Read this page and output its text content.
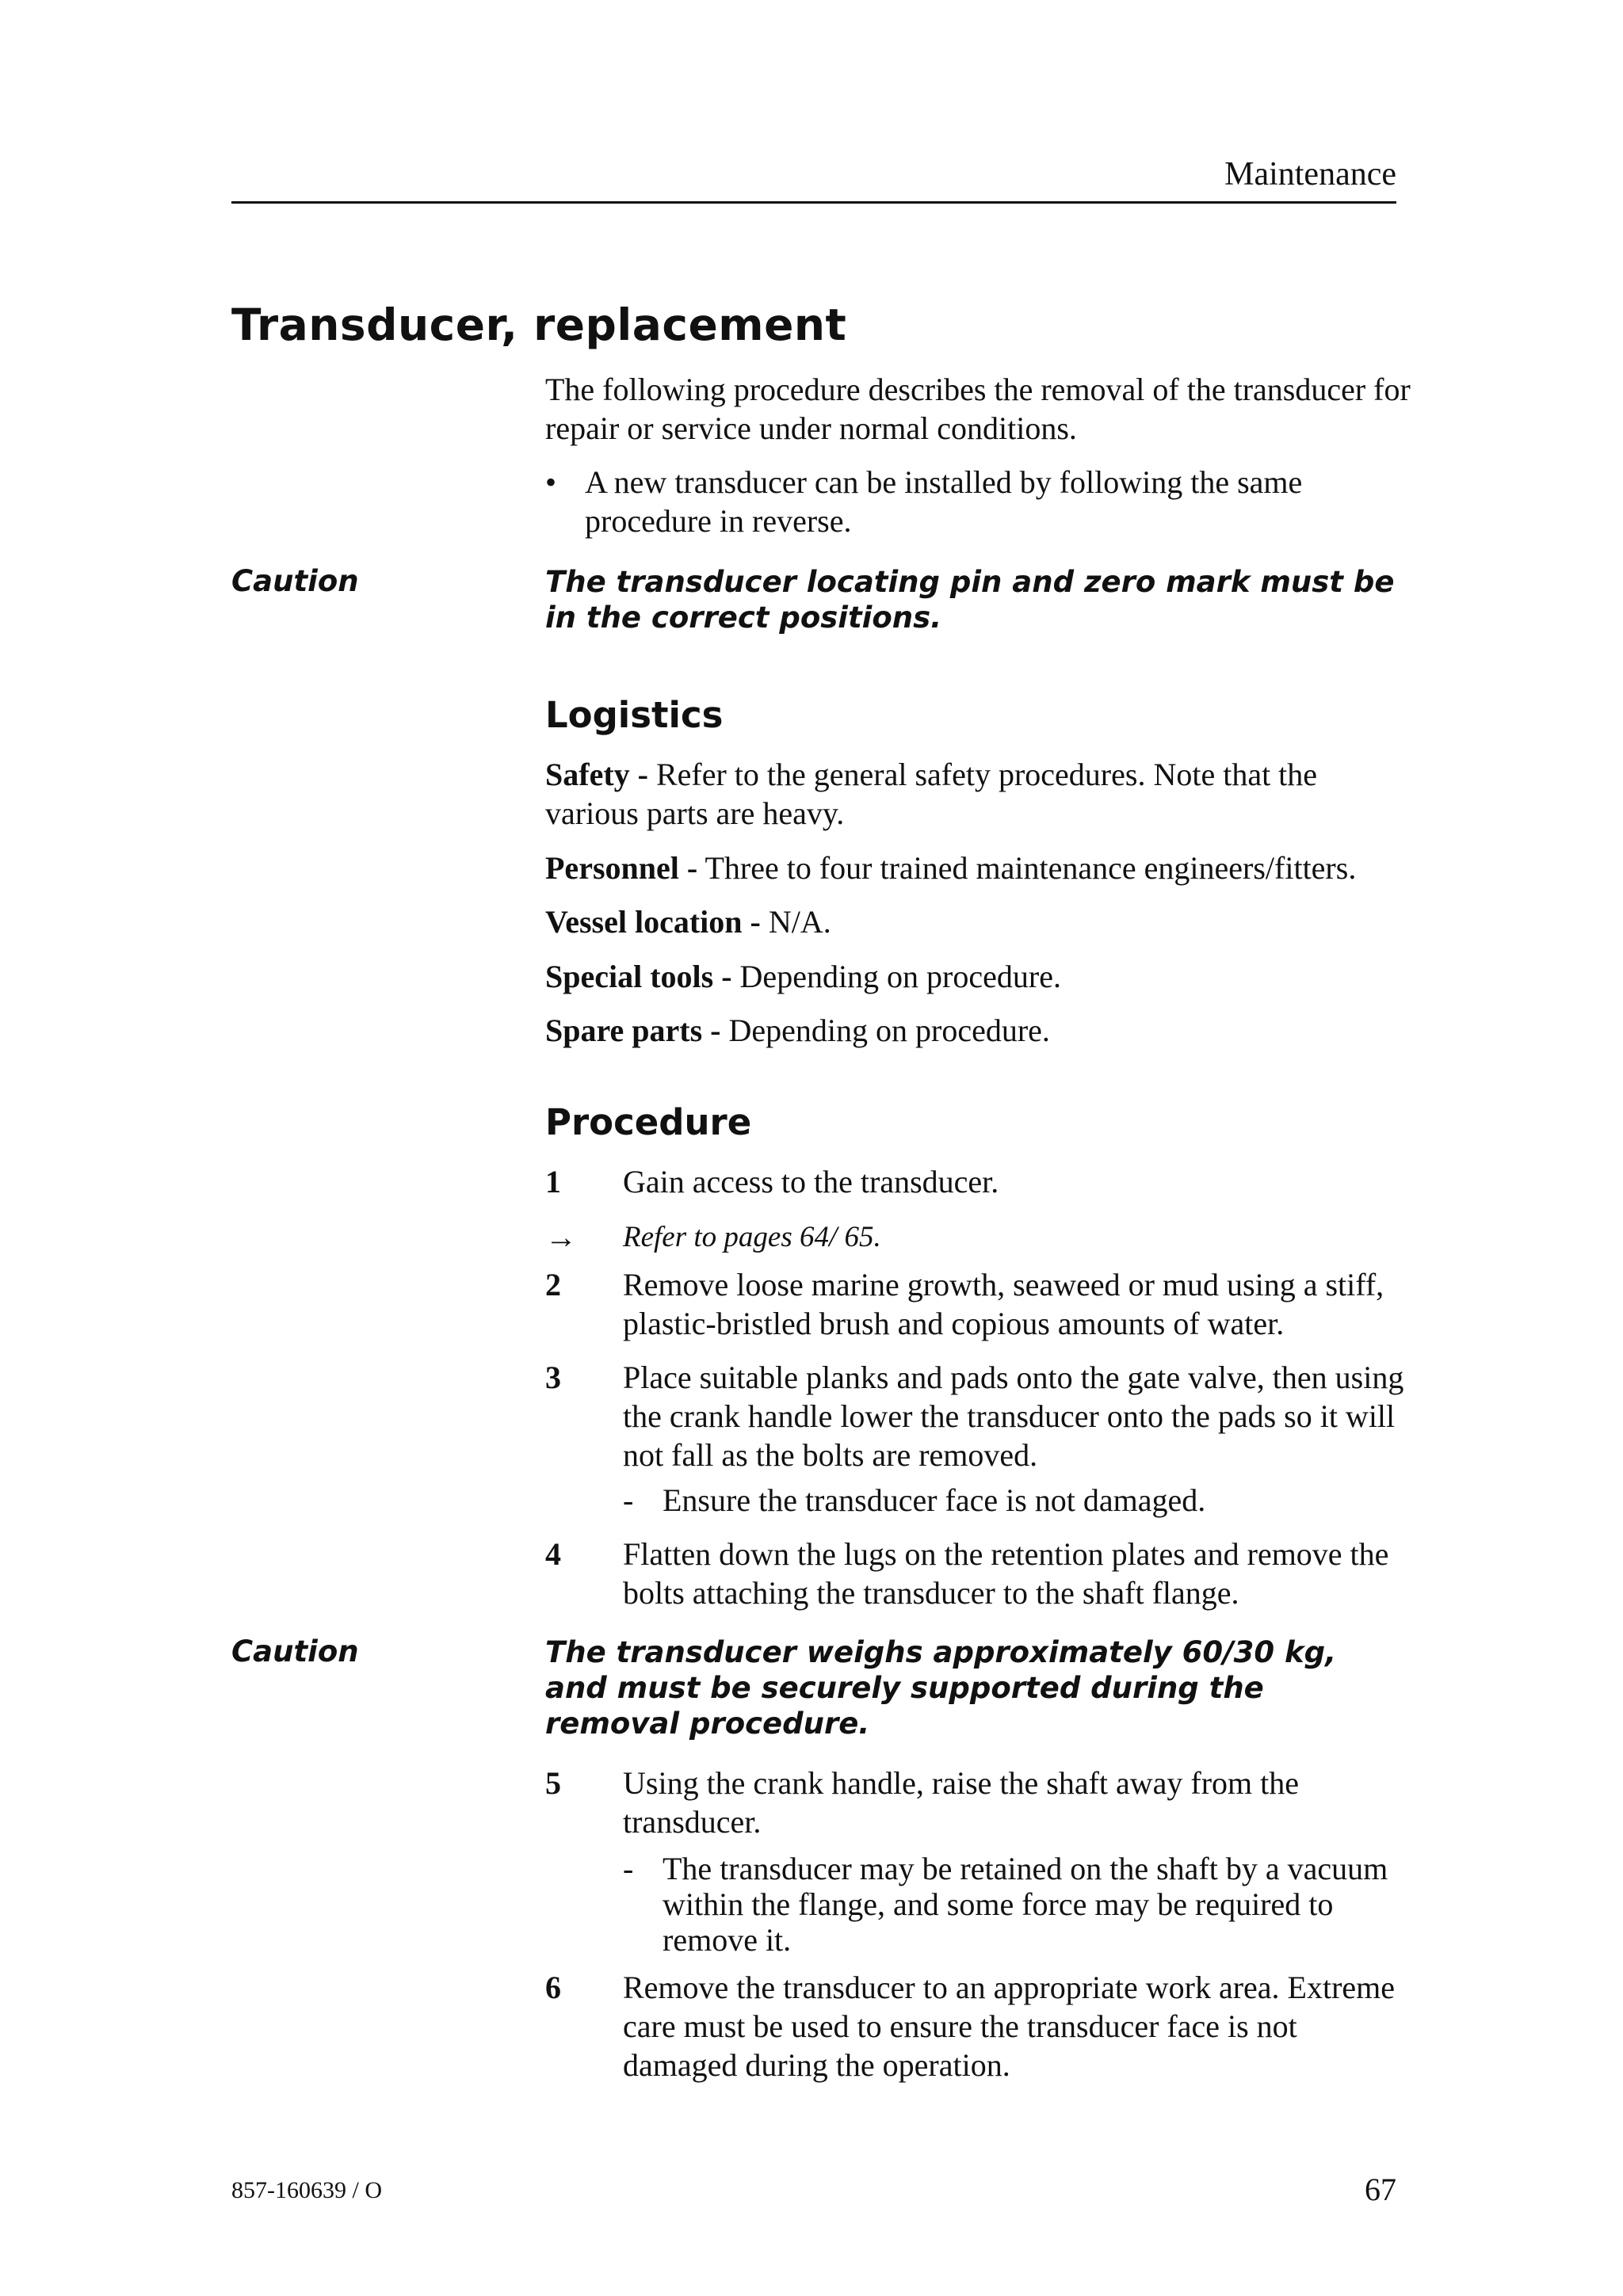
Maintenance
Transducer, replacement

The following procedure describes the removal of the transducer for repair or service under normal conditions.

• A new transducer can be installed by following the same procedure in reverse.
Caution	The transducer locating pin and zero mark must be in the correct positions.
Logistics
Safety - Refer to the general safety procedures. Note that the various parts are heavy.
Personnel - Three to four trained maintenance engineers/fitters.
Vessel location - N/A.
Special tools - Depending on procedure.
Spare parts - Depending on procedure.
Procedure
1 Gain access to the transducer.
→ Refer to pages 64/ 65.
2 Remove loose marine growth, seaweed or mud using a stiff, plastic-bristled brush and copious amounts of water.
3 Place suitable planks and pads onto the gate valve, then using the crank handle lower the transducer onto the pads so it will not fall as the bolts are removed.
- Ensure the transducer face is not damaged.
4 Flatten down the lugs on the retention plates and remove the bolts attaching the transducer to the shaft flange.
Caution	The transducer weighs approximately 60/30 kg, and must be securely supported during the removal procedure.
5 Using the crank handle, raise the shaft away from the transducer.
- The transducer may be retained on the shaft by a vacuum within the flange, and some force may be required to remove it.
6 Remove the transducer to an appropriate work area. Extreme care must be used to ensure the transducer face is not damaged during the operation.
857-160639 / O	67
